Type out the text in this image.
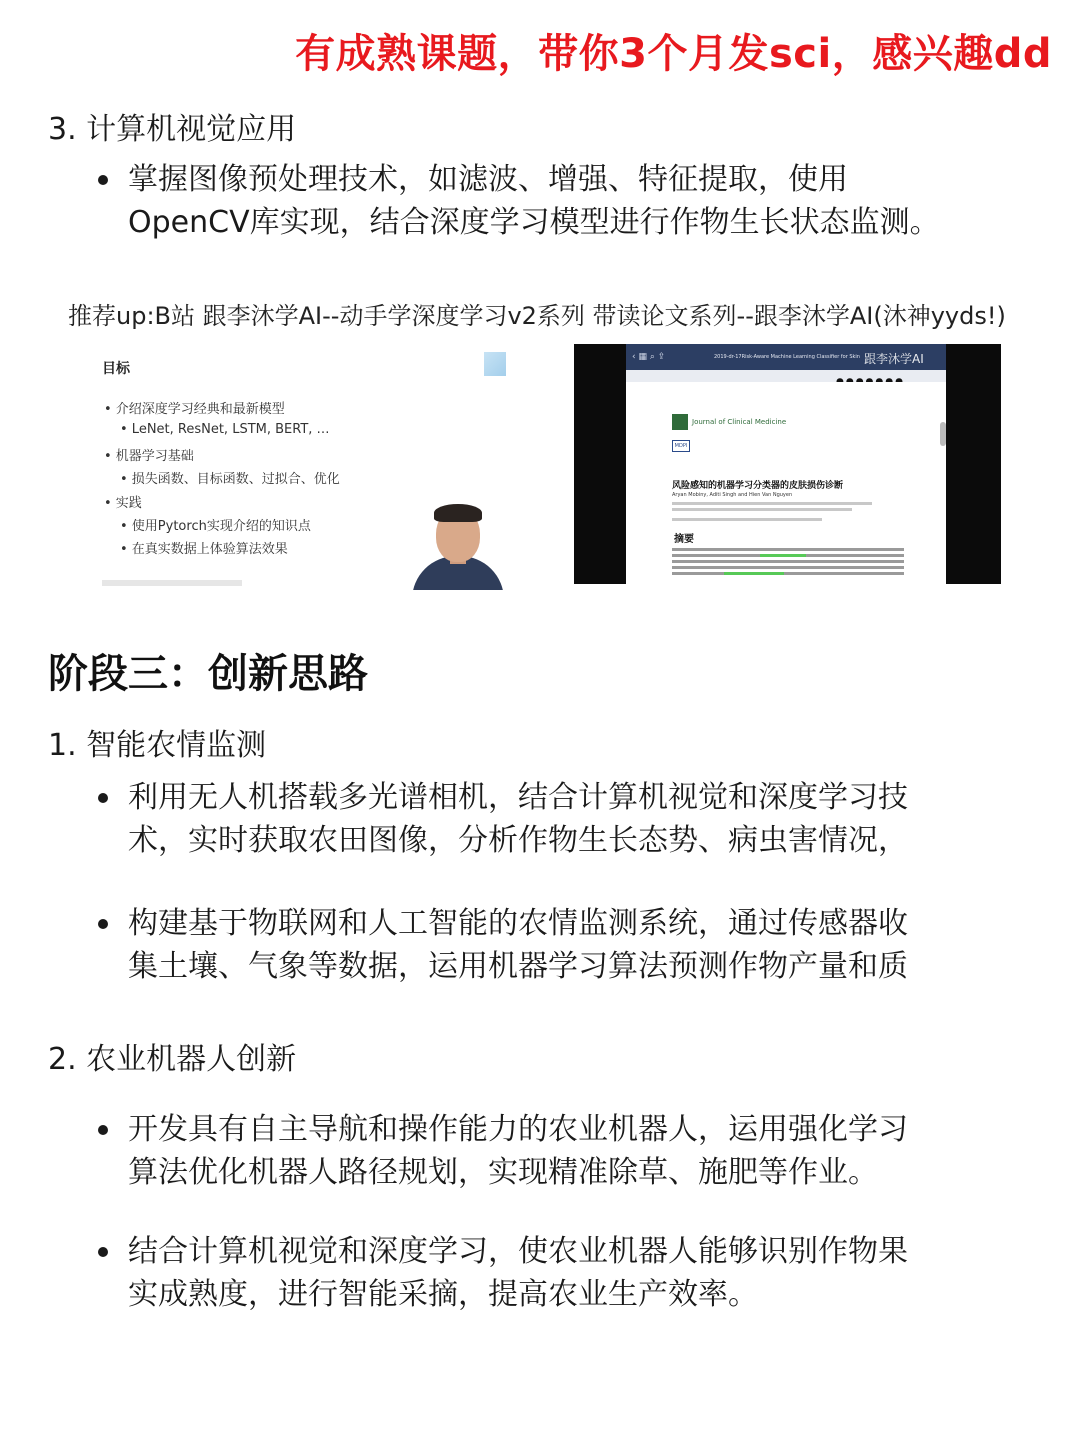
有成熟课题，带你3个月发sci，感兴趣dd
3. 计算机视觉应用
掌握图像预处理技术，如滤波、增强、特征提取，使用
OpenCV库实现，结合深度学习模型进行作物生长状态监测。
推荐up:B站 跟李沐学AI--动手学深度学习v2系列 带读论文系列--跟李沐学AI(沐神yyds!)
目标
• 介绍深度学习经典和最新模型
• LeNet, ResNet, LSTM, BERT, …
• 机器学习基础
• 损失函数、目标函数、过拟合、优化
• 实践
• 使用Pytorch实现介绍的知识点
• 在真实数据上体验算法效果
‹ ▦ ⌕ ⇪	2019-dr-17Risk-Aware Machine Learning Classifier for Skin 跟李沐学AI
Journal of Clinical Medicine
MDPI
风险感知的机器学习分类器的皮肤损伤诊断
Aryan Mobiny, Aditi Singh and Hien Van Nguyen
摘要
阶段三：创新思路
1. 智能农情监测
利用无人机搭载多光谱相机，结合计算机视觉和深度学习技
术，实时获取农田图像，分析作物生长态势、病虫害情况，
构建基于物联网和人工智能的农情监测系统，通过传感器收
集土壤、气象等数据，运用机器学习算法预测作物产量和质
2. 农业机器人创新
开发具有自主导航和操作能力的农业机器人，运用强化学习
算法优化机器人路径规划，实现精准除草、施肥等作业。
结合计算机视觉和深度学习，使农业机器人能够识别作物果
实成熟度，进行智能采摘，提高农业生产效率。
